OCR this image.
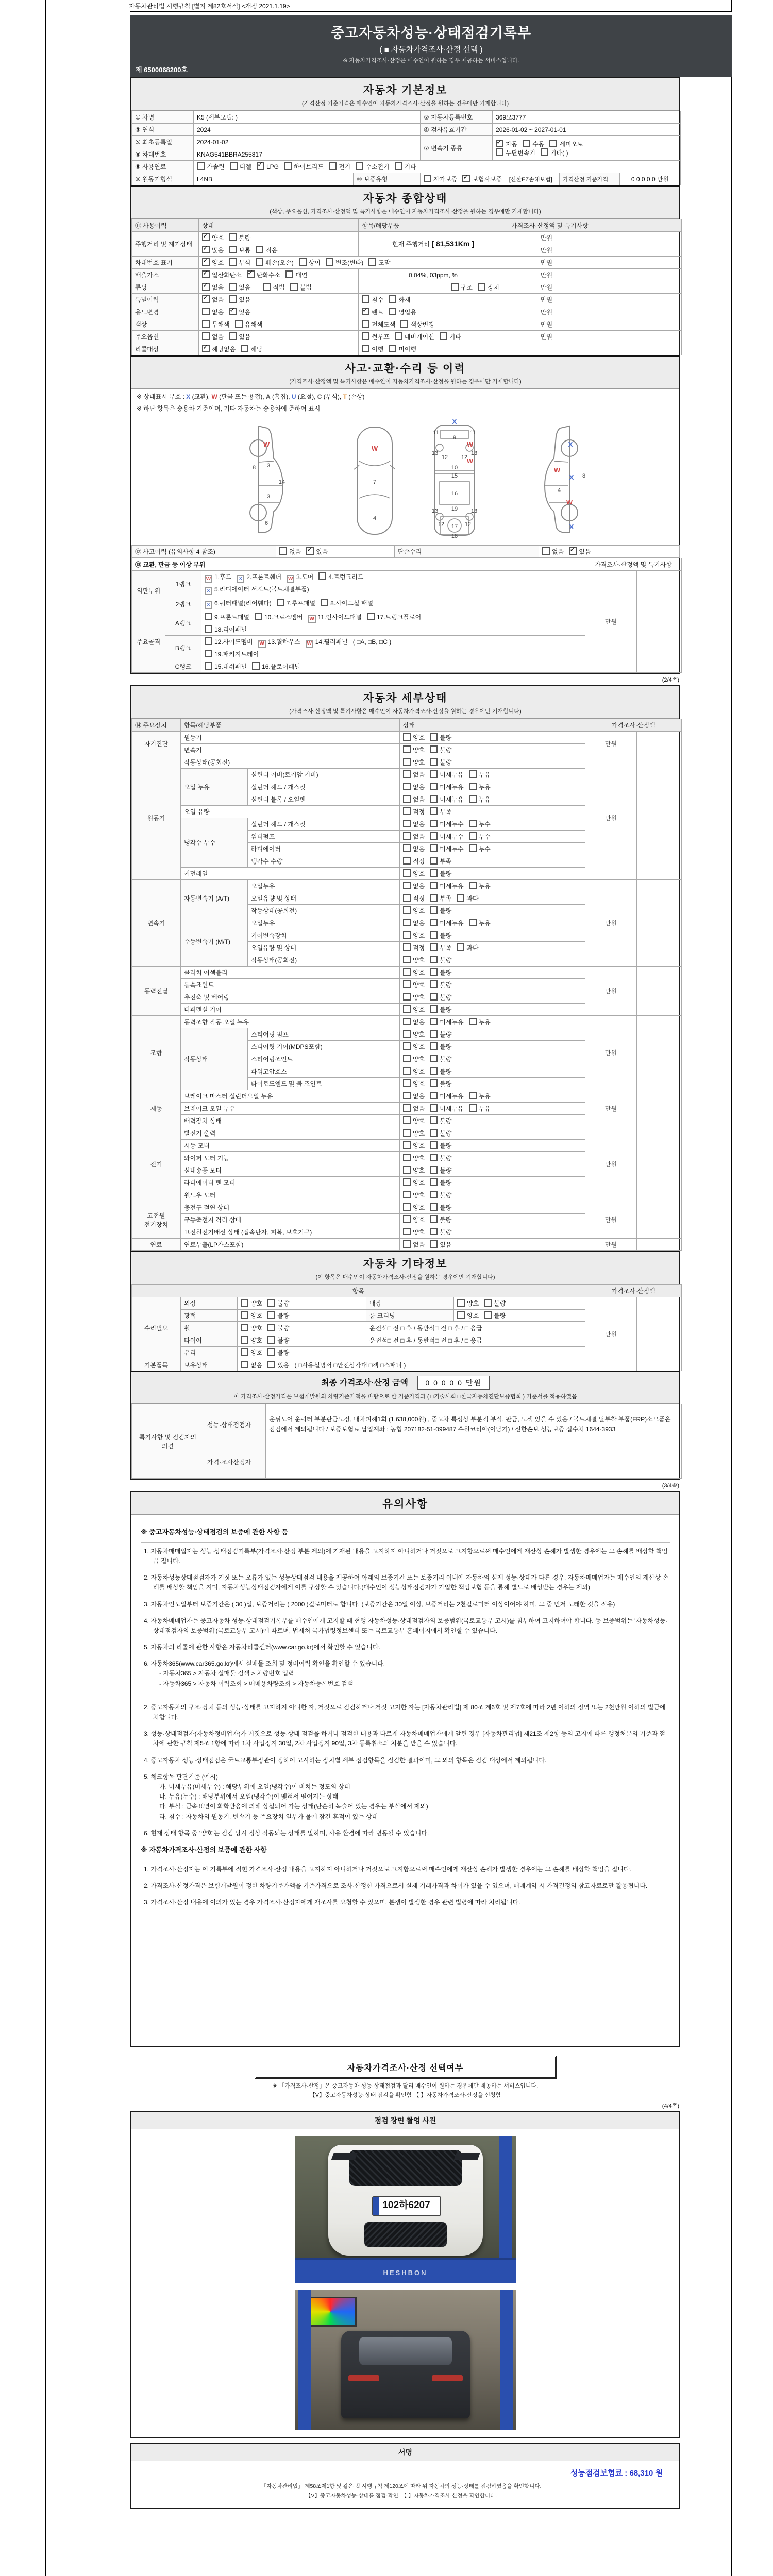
자동차관리법 시행규칙 [별지 제82호서식] <개정 2021.1.19>
중고자동차성능·상태점검기록부
( ■ 자동차가격조사·산정 선택 )
※ 자동차가격조사·산정은 매수인이 원하는 경우 제공하는 서비스입니다.
제 6500068200호
자동차 기본정보
(가격산정 기준가격은 매수인이 자동차가격조사·산정을 원하는 경우에만 기재합니다)
① 차명	K5 (세부모델: )		② 자동차등록번호	369모3777		
③ 연식	2024		④ 검사유효기간	2026-01-02 ~ 2027-01-01		
⑤ 최초등록일	2024-01-02		⑦ 변속기 종류	
✓자동 수동 세미오토
무단변속기 기타( )

⑥ 차대번호	KNAG541BBRA255817					
⑧ 사용연료	가솔린 디젤 ✓ LPG 하이브리드 전기 수소전기 기타
⑨ 원동기형식	L4NB	⑩ 보증유형	자가보증 ✓ 보험사보증 [신한EZ손해보험]		가격산정 기준가격	0 0 0 0 0 만원
자동차 종합상태
(색상, 주요옵션, 가격조사·산정액 및 특기사항은 매수인이 자동차가격조사·산정을 원하는 경우에만 기재합니다)
⑪ 사용이력	상태	항목/해당부품	가격조사·산정액 및 특기사항	
주행거리 및 계기상태	✓양호 불량	현재 주행거리 [ 81,531Km ]	만원	
✓많음 보통 적음		만원	
차대번호 표기	✓양호 부식 훼손(오손) 상이 변조(변타) 도말		만원	
배출가스	✓일산화탄소 ✓ 탄화수소 매연	0.04%, 03ppm, %	만원	
튜닝	✓없음 있음 적법 불법	구조 장치	만원	
특별이력	✓없음 있음	침수 화재	만원	
용도변경	없음 ✓ 있음	✓렌트 영업용	만원	
색상	무채색 유채색	전체도색 색상변경	만원	
주요옵션	없음 있음	썬루프 네비게이션 기타	만원	
리콜대상	✓해당없음 해당	이행 미이행		
사고·교환·수리 등 이력
(가격조사·산정액 및 특기사항은 매수인이 자동차가격조사·산정을 원하는 경우에만 기재합니다)
※ 상태표시 부호 : X (교환), W (판금 또는 용접), A (흠집), U (요철), C (부식), T (손상)
※ 하단 항목은 승용차 기준이며, 기타 자동차는 승용차에 준하여 표시
W
8 3
14
3
6
W
7
4
X
11
9
11
W
13
12 12
13
W
10
15
16
13 19 13
12 17 12
18
X
W
X 8
4
W
X
⑫ 사고이력 (유의사항 4 참조)	없음 ✓ 있음	단순수리	없음 ✓ 있음
⑬ 교환, 판금 등 이상 부위			가격조사·산정액 및 특기사항	
외판부위	1랭크	W 1.후드 X 2.프론트휀더 W 3.도어 4.트렁크리드
X 5.라디에이터 서포트(볼트체결부품)	만원	
	2랭크	X 6.쿼터패널(리어휀다) 7.루프패널 8.사이드실 패널		
주요골격	A랭크	9.프론트패널 10.크로스멤버 W 11.인사이드패널 17.트렁크플로어
18.리어패널		
	B랭크	12.사이드멤버 W 13.휠하우스 W 14.필러패널 ( □A, □B, □C )
19.패키지트레이		
	C랭크	15.대쉬패널 16.플로어패널		
(2/4쪽)
자동차 세부상태
(가격조사·산정액 및 특기사항은 매수인이 자동차가격조사·산정을 원하는 경우에만 기재합니다)
⑭ 주요장치	항목/해당부품		상태	가격조사·산정액	
자기진단	원동기		양호 불량	만원	
	변속기		양호 불량		
원동기	작동상태(공회전)		양호 불량	만원	
	오일 누유	실린더 커버(로커암 커버)	없음 미세누유 누유		
		실린더 헤드 / 개스킷	없음 미세누유 누유		
		실린더 블록 / 오일팬	없음 미세누유 누유		
	오일 유량		적정 부족		
	냉각수 누수	실린더 헤드 / 개스킷	없음 미세누수 누수		
		워터펌프	없음 미세누수 누수		
		라디에이터	없음 미세누수 누수		
		냉각수 수량	적정 부족		
	커먼레일		양호 불량		
변속기	자동변속기 (A/T)	오일누유	없음 미세누유 누유	만원	
		오일유량 및 상태	적정 부족 과다		
		작동상태(공회전)	양호 불량		
	수동변속기 (M/T)	오일누유	없음 미세누유 누유		
		기어변속장치	양호 불량		
		오일유량 및 상태	적정 부족 과다		
		작동상태(공회전)	양호 불량		
동력전달	클러치 어셈블리		양호 불량	만원	
	등속죠인트		양호 불량		
	추진축 및 베어링		양호 불량		
	디퍼렌셜 기어		양호 불량		
조향	동력조향 작동 오일 누유		없음 미세누유 누유	만원	
	작동상태	스티어링 펌프	양호 불량		
		스티어링 기어(MDPS포함)	양호 불량		
		스티어링조인트	양호 불량		
		파워고압호스	양호 불량		
		타이로드엔드 및 볼 조인트	양호 불량		
제동	브레이크 마스터 실린더오일 누유		없음 미세누유 누유	만원	
	브레이크 오일 누유		없음 미세누유 누유		
	배력장치 상태		양호 불량		
전기	발전기 출력		양호 불량	만원	
	시동 모터		양호 불량		
	와이퍼 모터 기능		양호 불량		
	실내송풍 모터		양호 불량		
	라디에이터 팬 모터		양호 불량		
	윈도우 모터		양호 불량		
고전원 전기장치	충전구 절연 상태		양호 불량	만원	
	구동축전지 격리 상태		양호 불량		
	고전원전기배선 상태 (접속단자, 피복, 보호기구)		양호 불량		
연료	연료누출(LP가스포함)		없음 있음	만원	
자동차 기타정보
(이 항목은 매수인이 자동차가격조사·산정을 원하는 경우에만 기재합니다)
항목					가격조사·산정액	
수리필요	외장	양호 불량	내장	양호 불량	만원	
	광택	양호 불량	룸 크리닝	양호 불량		
	휠	양호 불량	운전석□ 전 □ 후 / 동반석□ 전 □ 후 / □ 응급			
	타이어	양호 불량	운전석□ 전 □ 후 / 동반석□ 전 □ 후 / □ 응급			
	유리	양호 불량				
기본품목	보유상태	없음 있음 ( □사용설명서 □안전삼각대 □잭 □스패너 )				
최종 가격조사·산정 금액 0 0 0 0 0 만원
이 가격조사·산정가격은 보험개발원의 차량기준가액을 바탕으로 한 기준가격과 ( □기술사회 □한국자동차진단보증협회 ) 기준서를 적용하였음
특기사항 및 점검자의 의견	성능·상태점검자	운뒤도어 운쿼터 부분판금도장, 내차피해1회 (1,638,000원) , 중고차 특성상 부분적 부식, 판금, 도색 있을 수 있음 / 볼트체결 탈부착 부품(FRP)소모품은 점검에서 제외됩니다 / 보증보험료 납입계좌 : 농협 207182-51-099487 수원코리아(이남기) / 신한손보 성능보증 접수처 1644-3933
	가격·조사산정자	
(3/4쪽)
유의사항
※ 중고자동차성능·상태점검의 보증에 관한 사항 등
1. 자동차매매업자는 성능·상태점검기록부(가격조사·산정 부분 제외)에 기재된 내용을 고지하지 아니하거나 거짓으로 고지함으로써 매수인에게 재산상 손해가 발생한 경우에는 그 손해를 배상할 책임을 집니다.
2. 자동차성능상태점검자가 거짓 또는 오류가 있는 성능상태점검 내용을 제공하여 아래의 보증기간 또는 보증거리 이내에 자동차의 실제 성능·상태가 다른 경우, 자동차매매업자는 매수인의 재산상 손해를 배상할 책임을 지며, 자동차성능상태점검자에게 이를 구상할 수 있습니다.(매수인이 성능상태점검자가 가입한 책임보험 등을 통해 별도로 배상받는 경우는 제외)
3. 자동차인도일부터 보증기간은 ( 30 )일, 보증거리는 ( 2000 )킬로미터로 합니다. (보증기간은 30일 이상, 보증거리는 2천킬로미터 이상이어야 하며, 그 중 먼저 도래한 것을 적용)
4. 자동차매매업자는 중고자동차 성능·상태점검기록부를 매수인에게 고지할 때 현행 자동차성능·상태점검자의 보증범위(국토교통부 고시)를 첨부하여 고지하여야 합니다. 동 보증범위는 '자동차성능·상태점검자의 보증범위'(국토교통부 고시)에 따르며, 법제처 국가법령정보센터 또는 국토교통부 홈페이지에서 확인할 수 있습니다.
5. 자동차의 리콜에 관한 사항은 자동차리콜센터(www.car.go.kr)에서 확인할 수 있습니다.
6. 자동차365(www.car365.go.kr)에서 실매물 조회 및 정비이력 확인을 확인할 수 있습니다.
- 자동차365 > 자동차 실매물 검색 > 차량번호 입력
- 자동차365 > 자동차 이력조회 > 매매용차량조회 > 자동차등록번호 검색
2. 중고자동차의 구조·장치 등의 성능·상태를 고지하지 아니한 자, 거짓으로 점검하거나 거짓 고지한 자는 [자동차관리법] 제 80조 제6호 및 제7호에 따라 2년 이하의 징역 또는 2천만원 이하의 벌금에 처합니다.
3. 성능·상태점검자(자동차정비업자)가 거짓으로 성능·상태 점검을 하거나 점검한 내용과 다르게 자동차매매업자에게 알린 경우 [자동차관리법] 제21조 제2항 등의 고지에 따른 행정처분의 기준과 절차에 관한 규칙 제5조 1항에 따라 1차 사업정지 30일, 2차 사업정지 90일, 3차 등록취소의 처분을 받을 수 있습니다.
4. 중고자동차 성능·상태점검은 국토교통부장관이 정하여 고시하는 장치별 세부 점검항목을 점검한 결과이며, 그 외의 항목은 점검 대상에서 제외됩니다.
5. 체크항목 판단기준 (예시)
가. 미세누유(미세누수) : 해당부위에 오일(냉각수)이 비치는 정도의 상태
나. 누유(누수) : 해당부위에서 오일(냉각수)이 맺혀서 떨어지는 상태
다. 부식 : 금속표면이 화학반응에 의해 상실되어 가는 상태(단순히 녹슬어 있는 경우는 부식에서 제외)
라. 침수 : 자동차의 원동기, 변속기 등 주요장치 일부가 물에 잠긴 흔적이 있는 상태
6. 현재 상태 항목 중 '양호'는 점검 당시 정상 작동되는 상태를 말하며, 사용 환경에 따라 변동될 수 있습니다.
※ 자동차가격조사·산정의 보증에 관한 사항
1. 가격조사·산정자는 이 기록부에 적힌 가격조사·산정 내용을 고지하지 아니하거나 거짓으로 고지함으로써 매수인에게 재산상 손해가 발생한 경우에는 그 손해를 배상할 책임을 집니다.
2. 가격조사·산정가격은 보험개발원이 정한 차량기준가액을 기준가격으로 조사·산정한 가격으로서 실제 거래가격과 차이가 있을 수 있으며, 매매계약 시 가격결정의 참고자료로만 활용됩니다.
3. 가격조사·산정 내용에 이의가 있는 경우 가격조사·산정자에게 재조사를 요청할 수 있으며, 분쟁이 발생한 경우 관련 법령에 따라 처리됩니다.
자동차가격조사·산정 선택여부
※ 「가격조사·산정」은 중고자동차 성능·상태점검과 달리 매수인이 원하는 경우에만 제공하는 서비스입니다.
【V】중고자동차성능·상태 점검을 확인함 【 】자동차가격조사·산정을 신청함
(4/4쪽)
점검 장면 촬영 사진
102하6207
HESHBON
서명
성능점검보험료 : 68,310 원
「자동차관리법」 제58조제1항 및 같은 법 시행규칙 제120조에 따라 위 자동차의 성능·상태를 점검하였음을 확인합니다.
【V】중고자동차성능·상태를 점검·확인, 【 】자동차가격조사·산정을 확인합니다.
